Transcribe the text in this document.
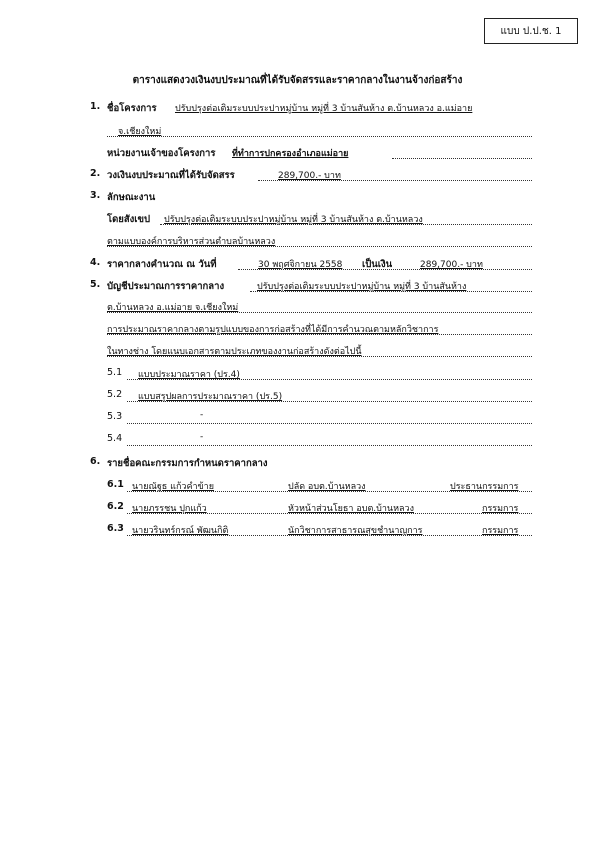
แบบ ป.ป.ช. 1
ตารางแสดงวงเงินงบประมาณที่ได้รับจัดสรรและราคากลางในงานจ้างก่อสร้าง
1. ชื่อโครงการ ปรับปรุงต่อเติมระบบประปาหมู่บ้าน หมู่ที่ 3 บ้านสันห้าง ต.บ้านหลวง อ.แม่อาย
จ.เชียงใหม่
หน่วยงานเจ้าของโครงการ ที่ทำการปกครองอำเภอแม่อาย
2. วงเงินงบประมาณที่ได้รับจัดสรร	289,700.- บาท
3. ลักษณะงาน
โดยสังเขป ปรับปรุงต่อเติมระบบประปาหมู่บ้าน หมู่ที่ 3 บ้านสันห้าง ต.บ้านหลวง
ตามแบบองค์การบริหารส่วนตำบลบ้านหลวง
4. ราคากลางคำนวณ ณ วันที่	30 พฤศจิกายน 2558 เป็นเงิน	289,700.- บาท
5. บัญชีประมาณการราคากลาง	ปรับปรุงต่อเติมระบบประปาหมู่บ้าน หมู่ที่ 3 บ้านสันห้าง
ต.บ้านหลวง อ.แม่อาย จ.เชียงใหม่
การประมาณราคากลางตามรูปแบบของการก่อสร้างที่ได้มีการคำนวณตามหลักวิชาการ
ในทางช่าง โดยแนบเอกสารตามประเภทของงานก่อสร้างดังต่อไปนี้
5.1 แบบประมาณราคา (ปร.4)
5.2 แบบสรุปผลการประมาณราคา (ปร.5)
5.3	-
5.4	-
6. รายชื่อคณะกรรมการกำหนดราคากลาง
6.1 นายณัฐธ แก้วคำข้าย	ปลัด อบต.บ้านหลวง	ประธานกรรมการ
6.2 นายภรรชน ปุกแก้ว	หัวหน้าส่วนโยธา อบต.บ้านหลวง	กรรมการ
6.3 นายวรินทร์กรณ์ พัฒนกิติ	นักวิชาการสาธารณสุขชำนาญการ	กรรมการ
